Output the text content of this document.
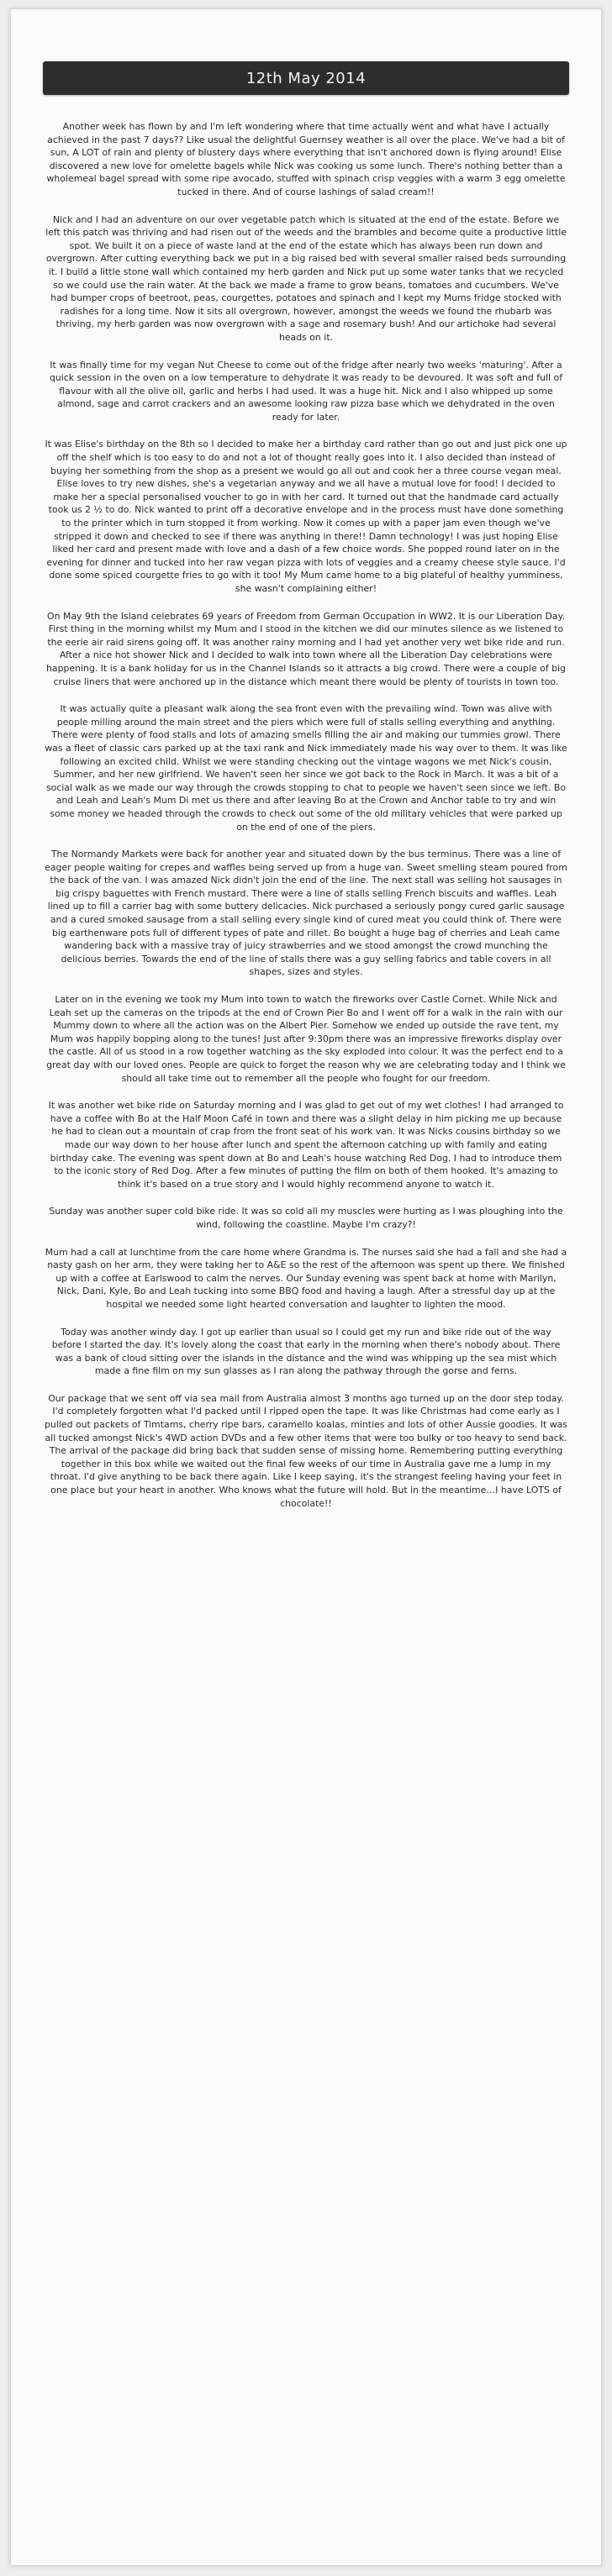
12th May 2014

Another week has flown by and I'm left wondering where that time actually went and what have I actually achieved in the past 7 days?? Like usual the delightful Guernsey weather is all over the place. We've had a bit of sun, A LOT of rain and plenty of blustery days where everything that isn't anchored down is flying around! Elise discovered a new love for omelette bagels while Nick was cooking us some lunch. There's nothing better than a wholemeal bagel spread with some ripe avocado, stuffed with spinach crisp veggies with a warm 3 egg omelette tucked in there. And of course lashings of salad cream!!

Nick and I had an adventure on our over vegetable patch which is situated at the end of the estate. Before we left this patch was thriving and had risen out of the weeds and the brambles and become quite a productive little spot. We built it on a piece of waste land at the end of the estate which has always been run down and overgrown. After cutting everything back we put in a big raised bed with several smaller raised beds surrounding it. I build a little stone wall which contained my herb garden and Nick put up some water tanks that we recycled so we could use the rain water. At the back we made a frame to grow beans, tomatoes and cucumbers. We've had bumper crops of beetroot, peas, courgettes, potatoes and spinach and I kept my Mums fridge stocked with radishes for a long time. Now it sits all overgrown, however, amongst the weeds we found the rhubarb was thriving, my herb garden was now overgrown with a sage and rosemary bush! And our artichoke had several heads on it.

It was finally time for my vegan Nut Cheese to come out of the fridge after nearly two weeks 'maturing'. After a quick session in the oven on a low temperature to dehydrate it was ready to be devoured. It was soft and full of flavour with all the olive oil, garlic and herbs I had used. It was a huge hit. Nick and I also whipped up some almond, sage and carrot crackers and an awesome looking raw pizza base which we dehydrated in the oven ready for later.

It was Elise's birthday on the 8th so I decided to make her a birthday card rather than go out and just pick one up off the shelf which is too easy to do and not a lot of thought really goes into it. I also decided than instead of buying her something from the shop as a present we would go all out and cook her a three course vegan meal. Elise loves to try new dishes, she's a vegetarian anyway and we all have a mutual love for food! I decided to make her a special personalised voucher to go in with her card. It turned out that the handmade card actually took us 2 ½ to do. Nick wanted to print off a decorative envelope and in the process must have done something to the printer which in turn stopped it from working. Now it comes up with a paper jam even though we've stripped it down and checked to see if there was anything in there!! Damn technology! I was just hoping Elise liked her card and present made with love and a dash of a few choice words. She popped round later on in the evening for dinner and tucked into her raw vegan pizza with lots of veggies and a creamy cheese style sauce. I'd done some spiced courgette fries to go with it too! My Mum came home to a big plateful of healthy yumminess, she wasn't complaining either!

On May 9th the Island celebrates 69 years of Freedom from German Occupation in WW2. It is our Liberation Day. First thing in the morning whilst my Mum and I stood in the kitchen we did our minutes silence as we listened to the eerie air raid sirens going off. It was another rainy morning and I had yet another very wet bike ride and run. After a nice hot shower Nick and I decided to walk into town where all the Liberation Day celebrations were happening. It is a bank holiday for us in the Channel Islands so it attracts a big crowd. There were a couple of big cruise liners that were anchored up in the distance which meant there would be plenty of tourists in town too.

It was actually quite a pleasant walk along the sea front even with the prevailing wind. Town was alive with people milling around the main street and the piers which were full of stalls selling everything and anything. There were plenty of food stalls and lots of amazing smells filling the air and making our tummies growl. There was a fleet of classic cars parked up at the taxi rank and Nick immediately made his way over to them. It was like following an excited child. Whilst we were standing checking out the vintage wagons we met Nick's cousin, Summer, and her new girlfriend. We haven't seen her since we got back to the Rock in March. It was a bit of a social walk as we made our way through the crowds stopping to chat to people we haven't seen since we left. Bo and Leah and Leah's Mum Di met us there and after leaving Bo at the Crown and Anchor table to try and win some money we headed through the crowds to check out some of the old military vehicles that were parked up on the end of one of the piers.

The Normandy Markets were back for another year and situated down by the bus terminus. There was a line of eager people waiting for crepes and waffles being served up from a huge van. Sweet smelling steam poured from the back of the van. I was amazed Nick didn't join the end of the line. The next stall was selling hot sausages in big crispy baguettes with French mustard. There were a line of stalls selling French biscuits and waffles. Leah lined up to fill a carrier bag with some buttery delicacies. Nick purchased a seriously pongy cured garlic sausage and a cured smoked sausage from a stall selling every single kind of cured meat you could think of. There were big earthenware pots full of different types of pate and rillet. Bo bought a huge bag of cherries and Leah came wandering back with a massive tray of juicy strawberries and we stood amongst the crowd munching the delicious berries. Towards the end of the line of stalls there was a guy selling fabrics and table covers in all shapes, sizes and styles.

Later on in the evening we took my Mum into town to watch the fireworks over Castle Cornet. While Nick and Leah set up the cameras on the tripods at the end of Crown Pier Bo and I went off for a walk in the rain with our Mummy down to where all the action was on the Albert Pier. Somehow we ended up outside the rave tent, my Mum was happily bopping along to the tunes! Just after 9:30pm there was an impressive fireworks display over the castle. All of us stood in a row together watching as the sky exploded into colour. It was the perfect end to a great day with our loved ones. People are quick to forget the reason why we are celebrating today and I think we should all take time out to remember all the people who fought for our freedom.

It was another wet bike ride on Saturday morning and I was glad to get out of my wet clothes! I had arranged to have a coffee with Bo at the Half Moon Café in town and there was a slight delay in him picking me up because he had to clean out a mountain of crap from the front seat of his work van. It was Nicks cousins birthday so we made our way down to her house after lunch and spent the afternoon catching up with family and eating birthday cake. The evening was spent down at Bo and Leah's house watching Red Dog. I had to introduce them to the iconic story of Red Dog. After a few minutes of putting the film on both of them hooked. It's amazing to think it's based on a true story and I would highly recommend anyone to watch it.

Sunday was another super cold bike ride. It was so cold all my muscles were hurting as I was ploughing into the wind, following the coastline. Maybe I'm crazy?!

Mum had a call at lunchtime from the care home where Grandma is. The nurses said she had a fall and she had a nasty gash on her arm, they were taking her to A&E so the rest of the afternoon was spent up there. We finished up with a coffee at Earlswood to calm the nerves. Our Sunday evening was spent back at home with Marilyn, Nick, Dani, Kyle, Bo and Leah tucking into some BBQ food and having a laugh. After a stressful day up at the hospital we needed some light hearted conversation and laughter to lighten the mood.

Today was another windy day. I got up earlier than usual so I could get my run and bike ride out of the way before I started the day. It's lovely along the coast that early in the morning when there's nobody about. There was a bank of cloud sitting over the islands in the distance and the wind was whipping up the sea mist which made a fine film on my sun glasses as I ran along the pathway through the gorse and ferns.

Our package that we sent off via sea mail from Australia almost 3 months ago turned up on the door step today. I'd completely forgotten what I'd packed until I ripped open the tape. It was like Christmas had come early as I pulled out packets of Timtams, cherry ripe bars, caramello koalas, minties and lots of other Aussie goodies. It was all tucked amongst Nick's 4WD action DVDs and a few other items that were too bulky or too heavy to send back. The arrival of the package did bring back that sudden sense of missing home. Remembering putting everything together in this box while we waited out the final few weeks of our time in Australia gave me a lump in my throat. I'd give anything to be back there again. Like I keep saying, it's the strangest feeling having your feet in one place but your heart in another. Who knows what the future will hold. But in the meantime…I have LOTS of chocolate!!
